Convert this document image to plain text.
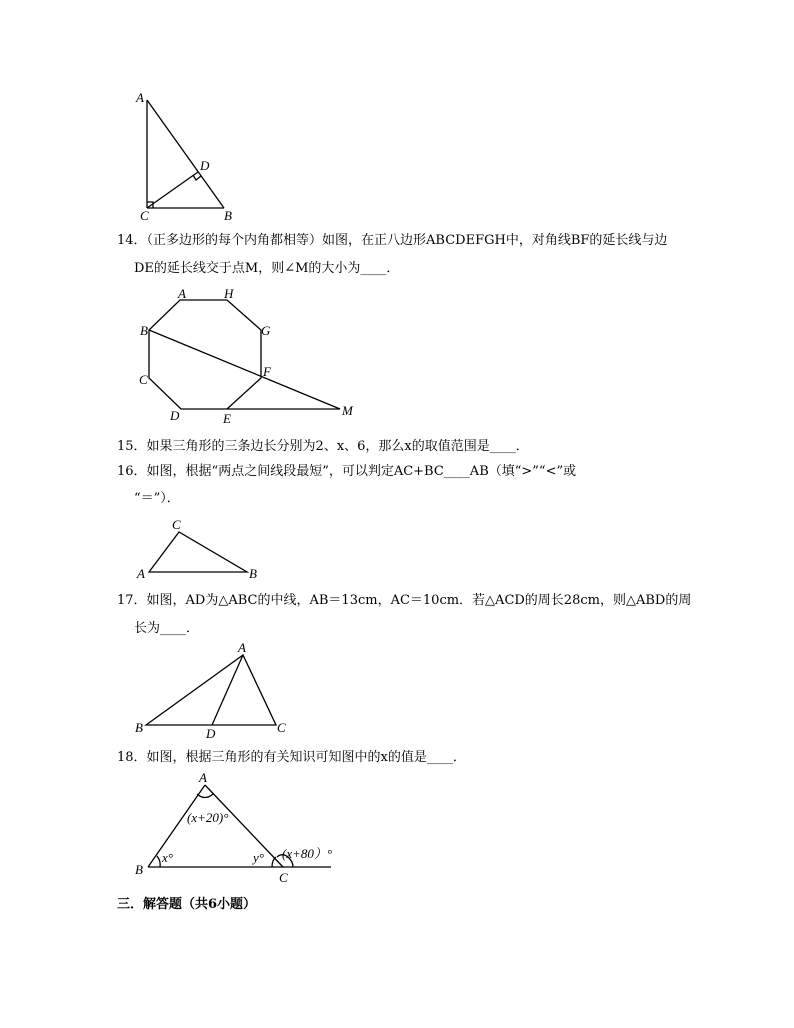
A
D
C	B
14．（正多边形的每个内角都相等）如图，在正八边形ABCDEFGH中，对角线BF的延长线与边
DE的延长线交于点M，则∠M的大小为____．
A	H
G
B
F
C
D	E
M
15．如果三角形的三条边长分别为2、x、6，那么x的取值范围是____．
16．如图，根据“两点之间线段最短”，可以判定AC+BC____AB（填“>”“<”或
“＝”）．
C
A	B
17．如图，AD为△ABC的中线，AB＝13cm，AC＝10cm．若△ACD的周长28cm，则△ABD的周
长为____．
A
B	D	C
18．如图，根据三角形的有关知识可知图中的x的值是____．
A
B
C
(x+20)°
x°	y° (x+80）°
三．解答题（共6小题）
